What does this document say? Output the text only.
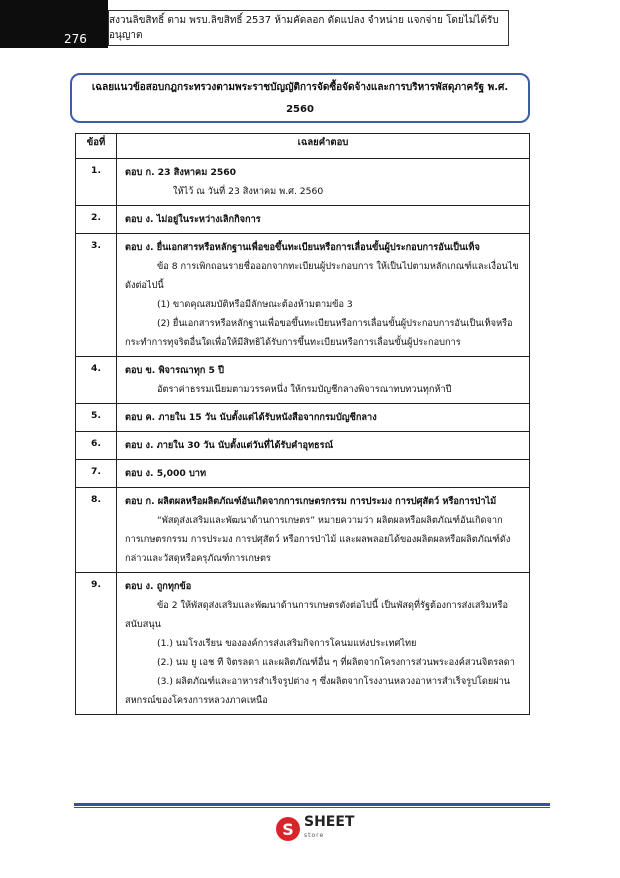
276
สงวนลิขสิทธิ์ ตาม พรบ.ลิขสิทธิ์ 2537 ห้ามคัดลอก ดัดแปลง จำหน่าย แจกจ่าย โดยไม่ได้รับอนุญาต
เฉลยแนวข้อสอบกฎกระทรวงตามพระราชบัญญัติการจัดซื้อจัดจ้างและการบริหารพัสดุภาครัฐ พ.ศ.
2560
ข้อที่	เฉลยคำตอบ
1.	ตอบ ก. 23 สิงหาคม 2560
ให้ไว้ ณ วันที่ 23 สิงหาคม พ.ศ. 2560

2.	ตอบ ง. ไม่อยู่ในระหว่างเลิกกิจการ

3.	ตอบ ง. ยื่นเอกสารหรือหลักฐานเพื่อขอขึ้นทะเบียนหรือการเลื่อนขั้นผู้ประกอบการอันเป็นเท็จ
ข้อ 8 การเพิกถอนรายชื่อออกจากทะเบียนผู้ประกอบการ ให้เป็นไปตามหลักเกณฑ์และเงื่อนไข ดังต่อไปนี้
(1) ขาดคุณสมบัติหรือมีลักษณะต้องห้ามตามข้อ 3
(2) ยื่นเอกสารหรือหลักฐานเพื่อขอขึ้นทะเบียนหรือการเลื่อนขั้นผู้ประกอบการอันเป็นเท็จหรือกระทำการทุจริตอื่นใดเพื่อให้มีสิทธิได้รับการขึ้นทะเบียนหรือการเลื่อนขั้นผู้ประกอบการ

4.	ตอบ ข. พิจารณาทุก 5 ปี
อัตราค่าธรรมเนียมตามวรรคหนึ่ง ให้กรมบัญชีกลางพิจารณาทบทวนทุกห้าปี

5.	ตอบ ค. ภายใน 15 วัน นับตั้งแต่ได้รับหนังสือจากกรมบัญชีกลาง

6.	ตอบ ง. ภายใน 30 วัน นับตั้งแต่วันที่ได้รับคำอุทธรณ์

7.	ตอบ ง. 5,000 บาท

8.	ตอบ ก. ผลิตผลหรือผลิตภัณฑ์อันเกิดจากการเกษตรกรรม การประมง การปศุสัตว์ หรือการป่าไม้
“พัสดุส่งเสริมและพัฒนาด้านการเกษตร” หมายความว่า ผลิตผลหรือผลิตภัณฑ์อันเกิดจากการเกษตรกรรม การประมง การปศุสัตว์ หรือการป่าไม้ และผลพลอยได้ของผลิตผลหรือผลิตภัณฑ์ดังกล่าวและวัสดุหรือครุภัณฑ์การเกษตร

9.	ตอบ ง. ถูกทุกข้อ
ข้อ 2 ให้พัสดุส่งเสริมและพัฒนาด้านการเกษตรดังต่อไปนี้ เป็นพัสดุที่รัฐต้องการส่งเสริมหรือสนับสนุน
(1.) นมโรงเรียน ขององค์การส่งเสริมกิจการโคนมแห่งประเทศไทย
(2.) นม ยู เอช ที จิตรลดา และผลิตภัณฑ์อื่น ๆ ที่ผลิตจากโครงการส่วนพระองค์สวนจิตรลดา
(3.) ผลิตภัณฑ์และอาหารสำเร็จรูปต่าง ๆ ซึ่งผลิตจากโรงงานหลวงอาหารสำเร็จรูปโดยผ่านสหกรณ์ของโครงการหลวงภาคเหนือ
S SHEET
store
